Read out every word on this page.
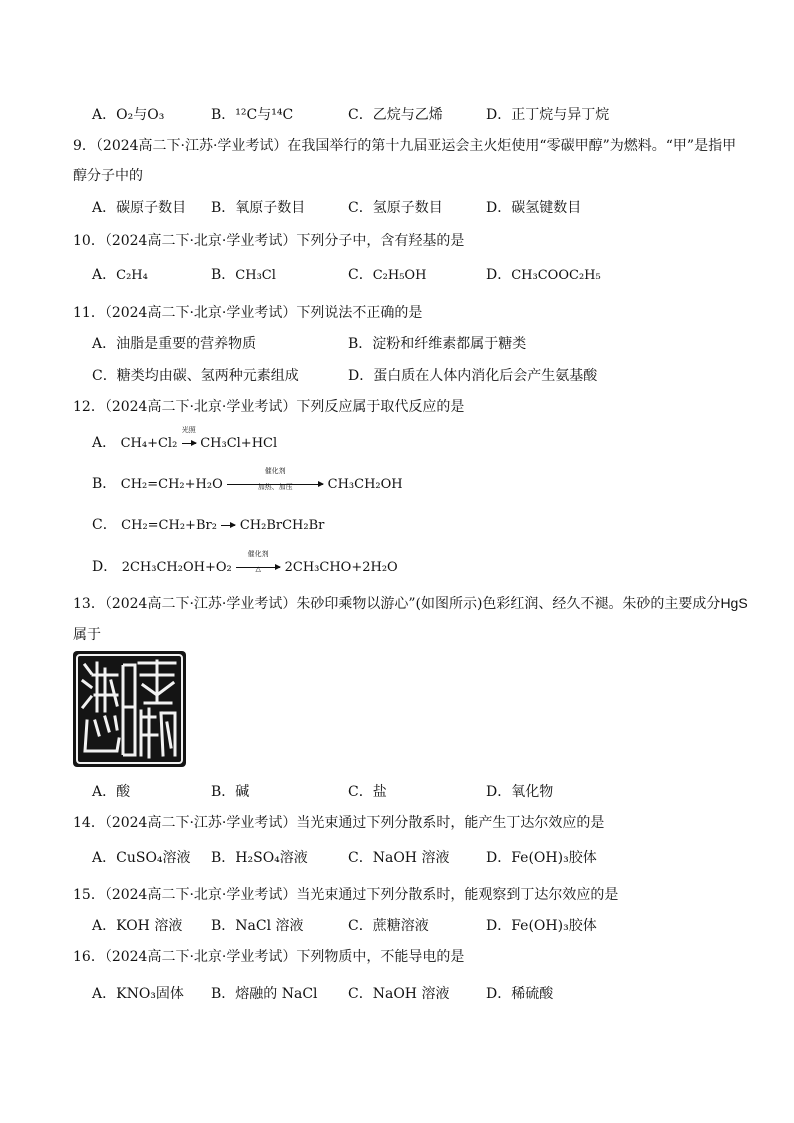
A．O₂与O₃	B．¹²C与¹⁴C	C．乙烷与乙烯	D．正丁烷与异丁烷
9．（2024高二下·江苏·学业考试）在我国举行的第十九届亚运会主火炬使用“零碳甲醇”为燃料。“甲”是指甲
醇分子中的
A．碳原子数目 B．氧原子数目	C．氢原子数目	D．碳氢键数目
10．（2024高二下·北京·学业考试）下列分子中，含有羟基的是
A．C₂H₄	B．CH₃Cl	C．C₂H₅OH	D．CH₃COOC₂H₅
11．（2024高二下·北京·学业考试）下列说法不正确的是
A．油脂是重要的营养物质	B．淀粉和纤维素都属于糖类
C．糖类均由碳、氢两种元素组成	D．蛋白质在人体内消化后会产生氨基酸
12．（2024高二下·北京·学业考试）下列反应属于取代反应的是
A． CH₄+Cl₂
光照
CH₃Cl+HCl
B． CH₂=CH₂+H₂O
催化剂
加热、加压	CH₃CH₂OH
C． CH₂=CH₂+Br₂ → CH₂BrCH₂Br
D． 2CH₃CH₂OH+O₂
催化剂
△	2CH₃CHO+2H₂O
13．（2024高二下·江苏·学业考试）朱砂印乘物以游心”(如图所示)色彩红润、经久不褪。朱砂的主要成分HgS
属于
A．酸	B．碱	C．盐	D．氧化物
14．（2024高二下·江苏·学业考试）当光束通过下列分散系时，能产生丁达尔效应的是
A．CuSO₄溶液 B．H₂SO₄溶液	C．NaOH 溶液	D．Fe(OH)₃胶体
15．（2024高二下·北京·学业考试）当光束通过下列分散系时，能观察到丁达尔效应的是
A．KOH 溶液 B．NaCl 溶液	C．蔗糖溶液	D．Fe(OH)₃胶体
16．（2024高二下·北京·学业考试）下列物质中，不能导电的是
A．KNO₃固体 B．熔融的 NaCl C．NaOH 溶液	D．稀硫酸
